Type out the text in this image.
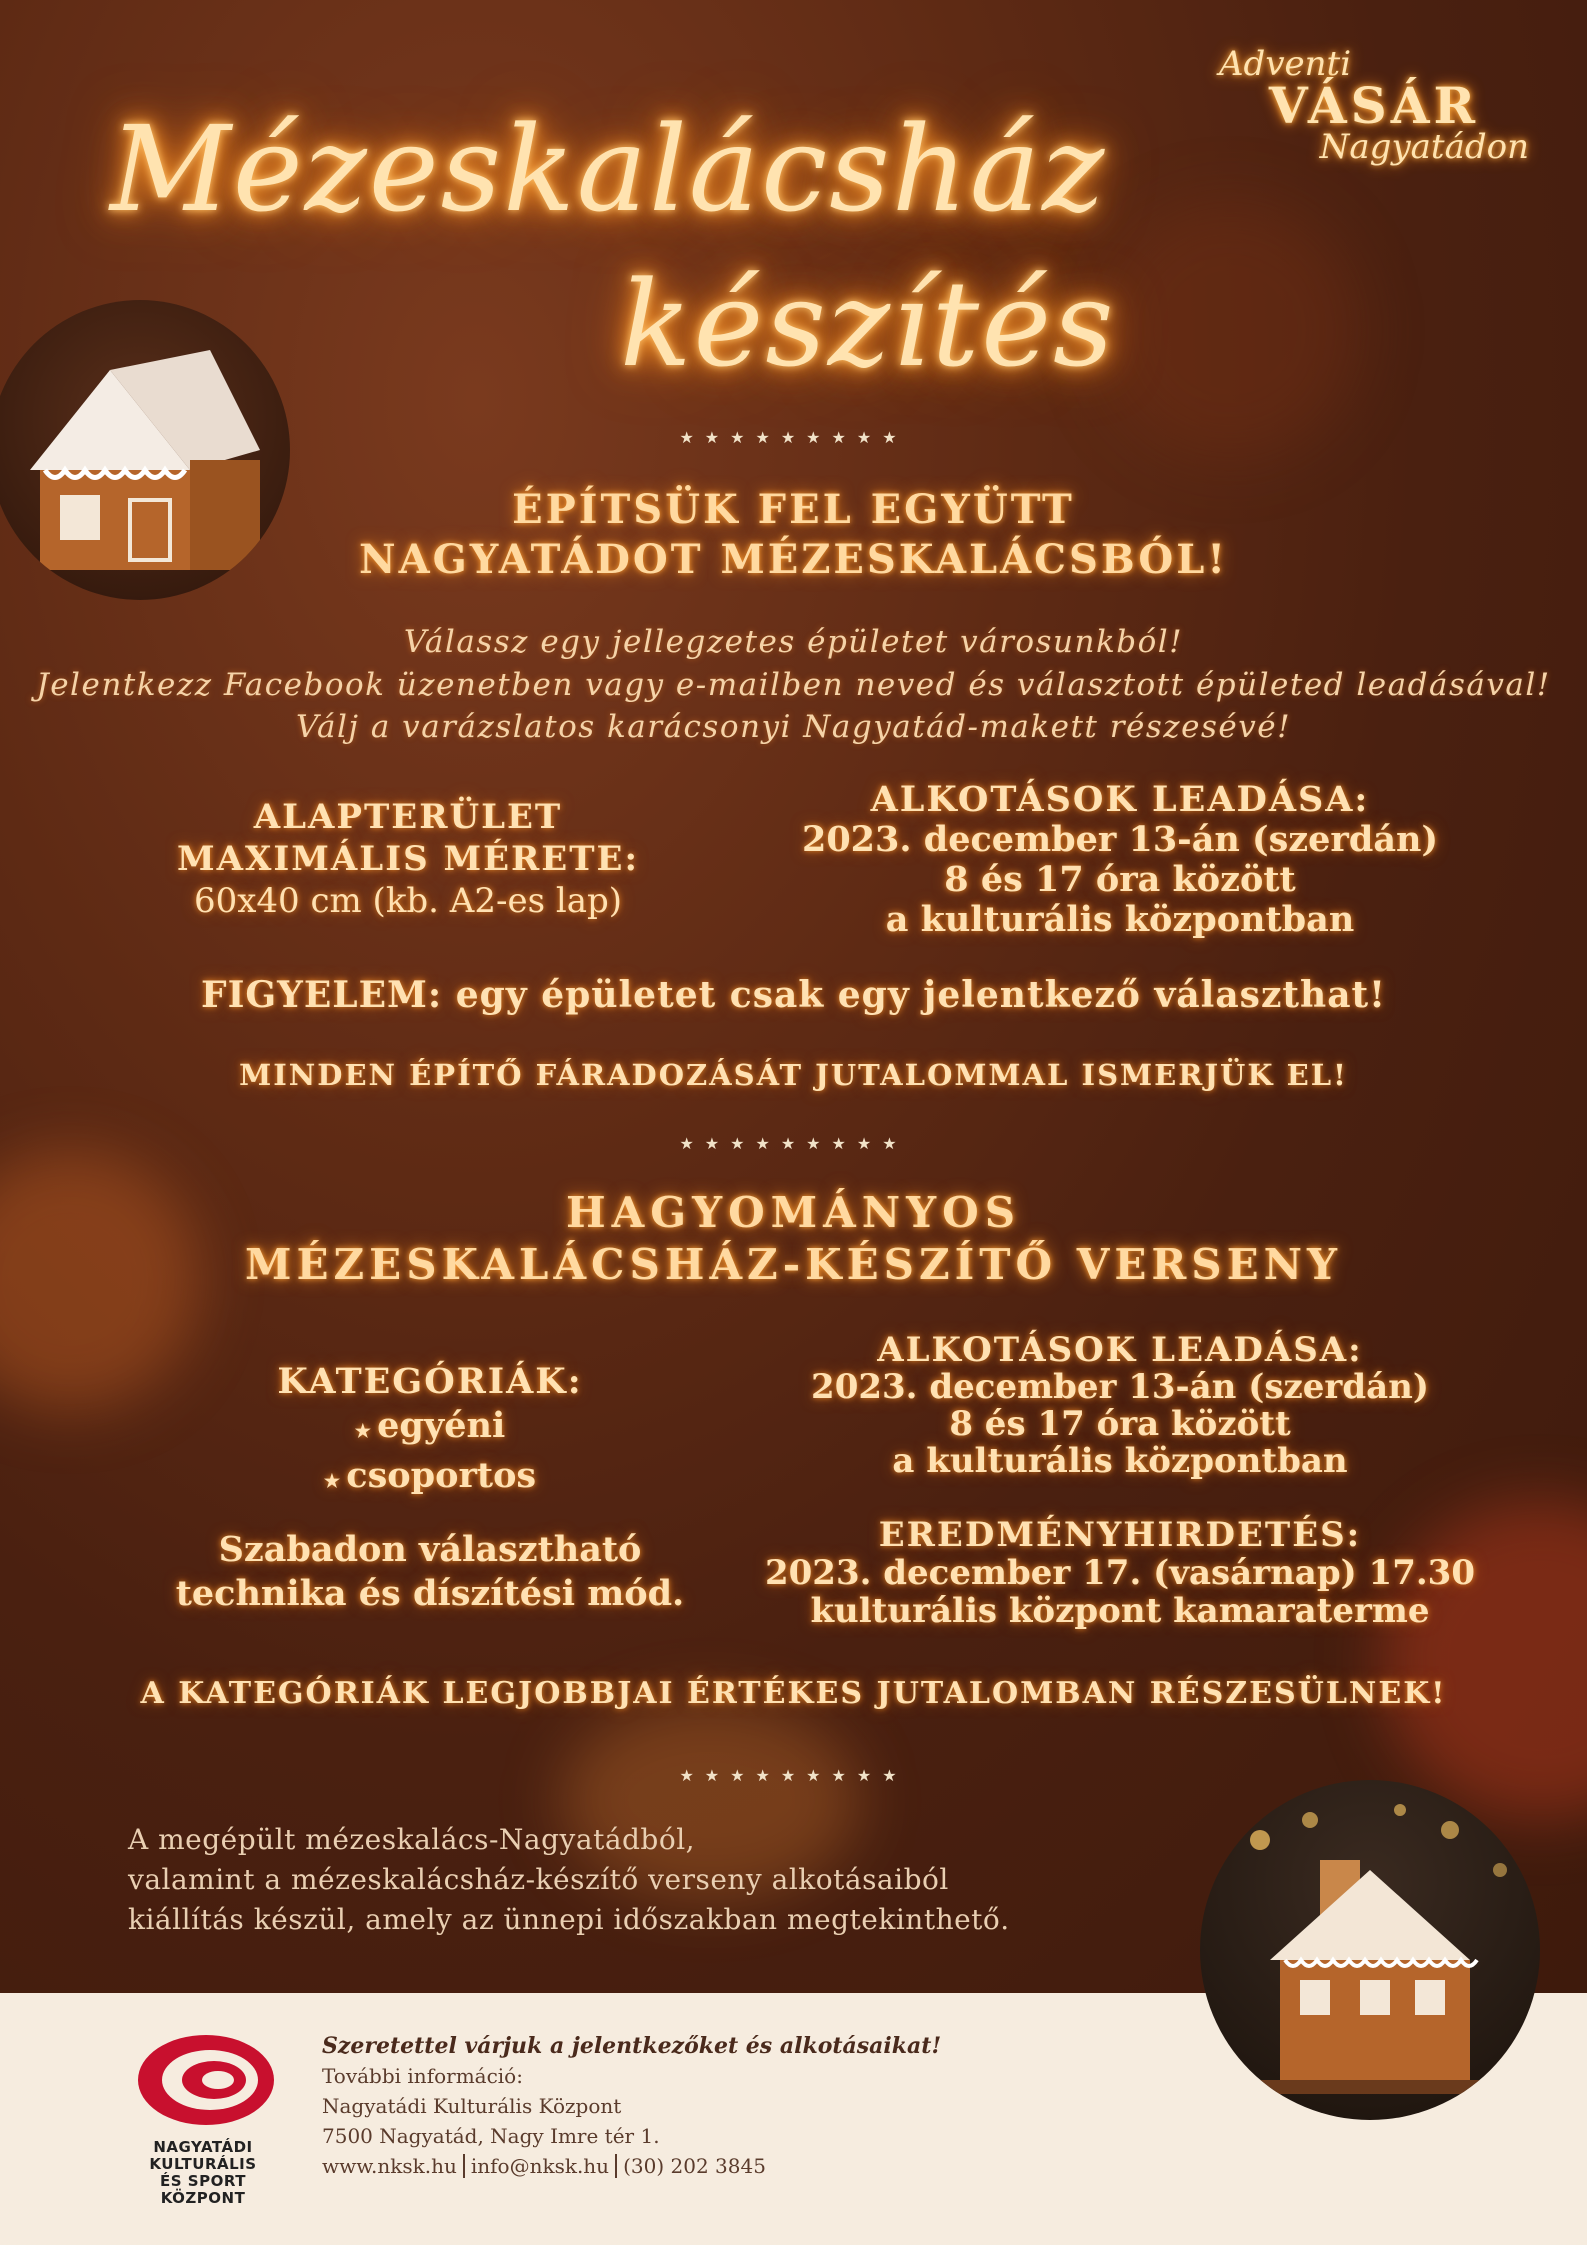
Adventi
VÁSÁR
Nagyatádon
Mézeskalácsház
készítés
★★★★★★★★★
ÉPÍTSÜK FEL EGYÜTT
NAGYATÁDOT MÉZESKALÁCSBÓL!
Válassz egy jellegzetes épületet városunkból!
Jelentkezz Facebook üzenetben vagy e-mailben neved és választott épületed leadásával!
Válj a varázslatos karácsonyi Nagyatád-makett részesévé!
ALAPTERÜLET
MAXIMÁLIS MÉRETE:
60x40 cm (kb. A2-es lap)
ALKOTÁSOK LEADÁSA:
2023. december 13-án (szerdán)
8 és 17 óra között
a kulturális központban
FIGYELEM: egy épületet csak egy jelentkező választhat!
MINDEN ÉPÍTŐ FÁRADOZÁSÁT JUTALOMMAL ISMERJÜK EL!
★★★★★★★★★
HAGYOMÁNYOS
MÉZESKALÁCSHÁZ-KÉSZÍTŐ VERSENY
KATEGÓRIÁK:
★ egyéni
★ csoportos
Szabadon választható
technika és díszítési mód.
ALKOTÁSOK LEADÁSA:
2023. december 13-án (szerdán)
8 és 17 óra között
a kulturális központban
EREDMÉNYHIRDETÉS:
2023. december 17. (vasárnap) 17.30
kulturális központ kamaraterme
A KATEGÓRIÁK LEGJOBBJAI ÉRTÉKES JUTALOMBAN RÉSZESÜLNEK!
★★★★★★★★★
A megépült mézeskalács-Nagyatádból,
valamint a mézeskalácsház-készítő verseny alkotásaiból
kiállítás készül, amely az ünnepi időszakban megtekinthető.
NAGYATÁDI
KULTURÁLIS
ÉS SPORT
KÖZPONT
Szeretettel várjuk a jelentkezőket és alkotásaikat!
További információ:
Nagyatádi Kulturális Központ
7500 Nagyatád, Nagy Imre tér 1.
www.nksk.hu info@nksk.hu (30) 202 3845
